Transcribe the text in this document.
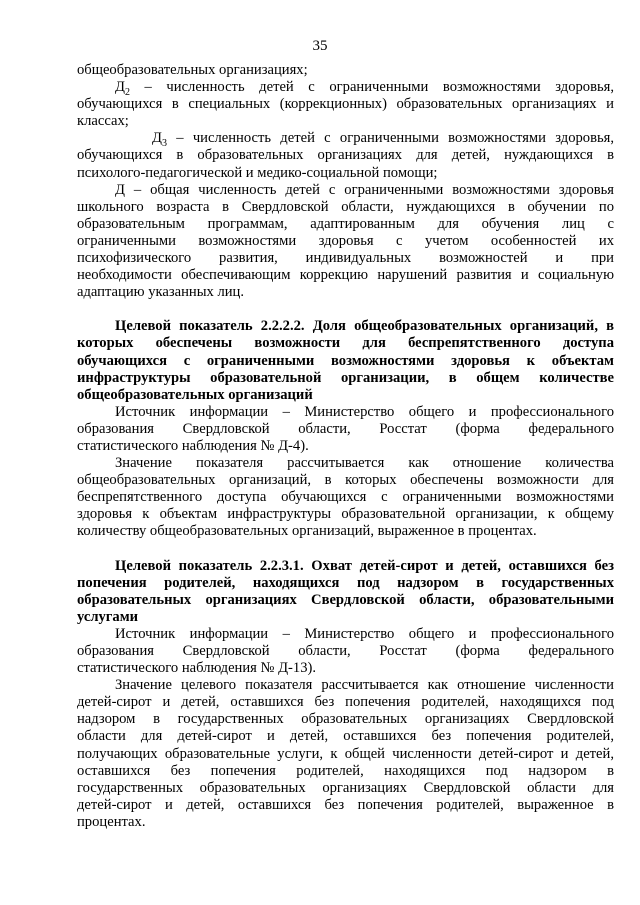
35
общеобразовательных организациях;
$Д_2$ – численность детей с ограниченными возможностями здоровья,
обучающихся в специальных (коррекционных) образовательных организациях и
классах;
$Д_3$ – численность детей с ограниченными возможностями здоровья,
обучающихся в образовательных организациях для детей, нуждающихся в
психолого-педагогической и медико-социальной помощи;
Д – общая численность детей с ограниченными возможностями здоровья
школьного возраста в Свердловской области, нуждающихся в обучении по
образовательным программам, адаптированным для обучения лиц с
ограниченными возможностями здоровья с учетом особенностей их
психофизического развития, индивидуальных возможностей и при
необходимости обеспечивающим коррекцию нарушений развития и социальную
адаптацию указанных лиц.
Целевой показатель 2.2.2.2. Доля общеобразовательных организаций, в
которых обеспечены возможности для беспрепятственного доступа
обучающихся с ограниченными возможностями здоровья к объектам
инфраструктуры образовательной организации, в общем количестве
общеобразовательных организаций
Источник информации – Министерство общего и профессионального
образования Свердловской области, Росстат (форма федерального
статистического наблюдения № Д-4).
Значение показателя рассчитывается как отношение количества
общеобразовательных организаций, в которых обеспечены возможности для
беспрепятственного доступа обучающихся с ограниченными возможностями
здоровья к объектам инфраструктуры образовательной организации, к общему
количеству общеобразовательных организаций, выраженное в процентах.
Целевой показатель 2.2.3.1. Охват детей-сирот и детей, оставшихся без
попечения родителей, находящихся под надзором в государственных
образовательных организациях Свердловской области, образовательными
услугами
Источник информации – Министерство общего и профессионального
образования Свердловской области, Росстат (форма федерального
статистического наблюдения № Д-13).
Значение целевого показателя рассчитывается как отношение численности
детей-сирот и детей, оставшихся без попечения родителей, находящихся под
надзором в государственных образовательных организациях Свердловской
области для детей-сирот и детей, оставшихся без попечения родителей,
получающих образовательные услуги, к общей численности детей-сирот и детей,
оставшихся без попечения родителей, находящихся под надзором в
государственных образовательных организациях Свердловской области для
детей-сирот и детей, оставшихся без попечения родителей, выраженное в
процентах.
